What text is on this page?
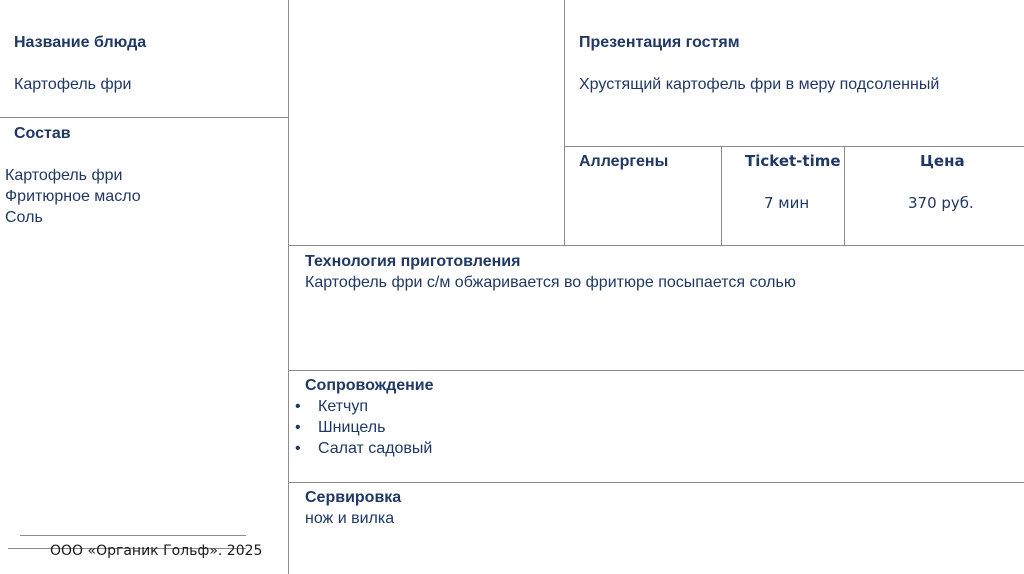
Название блюда
Картофель фри
Состав
Картофель фри
Фритюрное масло
Соль
Презентация гостям
Хрустящий картофель фри в меру подсоленный
Аллергены	Ticket-time
7 мин
Цена
370 руб.
Технология приготовления
Картофель фри с/м обжаривается во фритюре посыпается солью
Сопровождение
• Кетчуп
• Шницель
• Салат садовый
Сервировка
нож и вилка
ООО «Органик Гольф». 2025
